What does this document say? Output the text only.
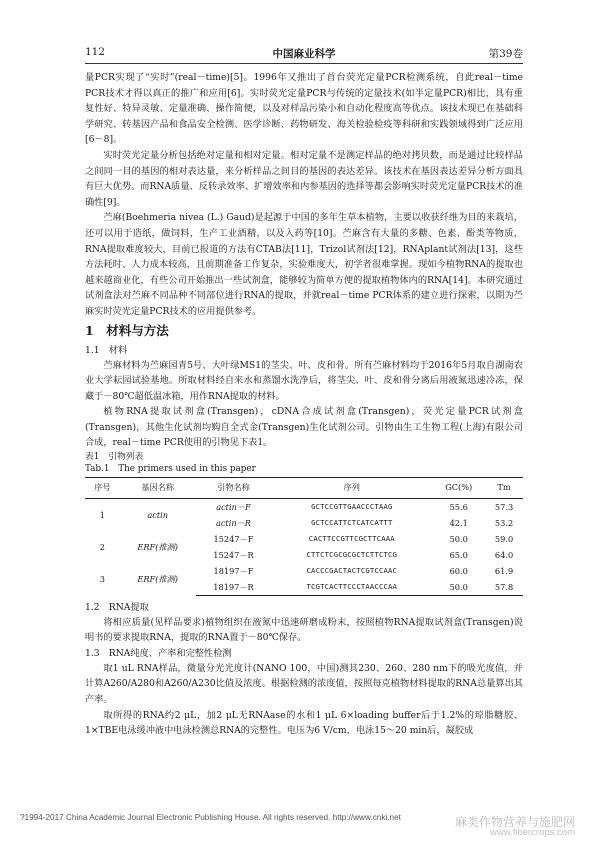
112	中国麻业科学	第39卷

量PCR实现了“实时”(real－time)[5]。1996年又推出了首台荧光定量PCR检测系统，自此real－time PCR技术才得以真正的推广和应用[6]。实时荧光定量PCR与传统的定量技术(如半定量PCR)相比，具有重复性好、特异灵敏、定量准确、操作简便，以及对样品污染小和自动化程度高等优点。该技术现已在基础科学研究、转基因产品和食品安全检测、医学诊断、药物研发、海关检验检疫等科研和实践领域得到广泛应用[6－8]。

实时荧光定量分析包括绝对定量和相对定量。相对定量不是测定样品的绝对拷贝数，而是通过比较样品之间同一目的基因的相对表达量，来分析样品之间目的基因的表达差异。该技术在基因表达差异分析方面具有巨大优势。而RNA质量、反转录效率、扩增效率和内参基因的选择等都会影响实时荧光定量PCR技术的准确性[9]。

苎麻(Boehmeria nivea (L.) Gaud)是起源于中国的多年生草本植物，主要以收获纤维为目的来栽培，还可以用于造纸，做饲料，生产工业酒精，以及入药等[10]。苎麻含有大量的多糖、色素、酚类等物质，RNA提取难度较大，目前已报道的方法有CTAB法[11]，Trizol试剂法[12]，RNAplant试剂法[13]，这些方法耗时、人力成本较高，且前期准备工作复杂，实验难度大，初学者很难掌握。现如今植物RNA的提取也越来越商业化，有些公司开始推出一些试剂盒，能够较为简单方便的提取植物体内的RNA[14]。本研究通过试剂盒法对苎麻不同品种不同部位进行RNA的提取，并就real－time PCR体系的建立进行探索，以期为苎麻实时荧光定量PCR技术的应用提供参考。

1　材料与方法
1.1　材料

苎麻材料为苎麻园青5号、大叶绿MS1的茎尖、叶、皮和骨。所有苎麻材料均于2016年5月取自湖南农业大学耘园试验基地。所取材料经自来水和蒸馏水洗净后，将茎尖、叶、皮和骨分离后用液氮迅速冷冻，保藏于－80℃超低温冰箱，用作RNA提取的材料。

植物RNA提取试剂盒(Transgen)，cDNA合成试剂盒(Transgen)，荧光定量PCR试剂盒(Transgen)，其他生化试剂均购自全式金(Transgen)生化试剂公司。引物由生工生物工程(上海)有限公司合成，real－time PCR使用的引物见下表1。

表1　引物列表
Tab.1　The primers used in this paper
序号	基因名称	引物名称	序列	GC(%)	Tm
1	actin	actin－F	GCTCCGTTGAACCCTAAG	55.6	57.3
		actin－R	GCTCCATTCTCATCATTT	42.1	53.2
2	ERF(推测)	15247－F	CACTTCCGTTCGCTTCAAA	50.0	59.0
		15247－R	CTTCTCGCGCGCTCTTCTCG	65.0	64.0
3	ERF(推测)	18197－F	CACCCGACTACTCGTCCAAC	60.0	61.9
		18197－R	TCGTCACTTCCCTAACCCAA	50.0	57.8
1.2　RNA提取

将相应质量(见样品要求)植物组织在液氮中迅速研磨成粉末，按照植物RNA提取试剂盒(Transgen)说明书的要求提取RNA，提取的RNA置于－80℃保存。

1.3　RNA纯度、产率和完整性检测

取1 uL RNA样品，微量分光光度计(NANO 100，中国)测其230、260、280 nm下的吸光度值，并计算A260/A280和A260/A230比值及浓度。根据检测的浓度值，按照每克植物材料提取的RNA总量算出其产率。

取所得的RNA约2 μL，加2 μL无RNAase的水和1 μL 6×loading buffer后于1.2%的琼脂糖胶、1×TBE电泳缓冲液中电泳检测总RNA的完整性。电压为6 V/cm，电泳15～20 min后，凝胶成

?1994-2017 China Academic Journal Electronic Publishing House. All rights reserved. http://www.cnki.net	麻类作物营养与施肥网
www.fibercrops.com
